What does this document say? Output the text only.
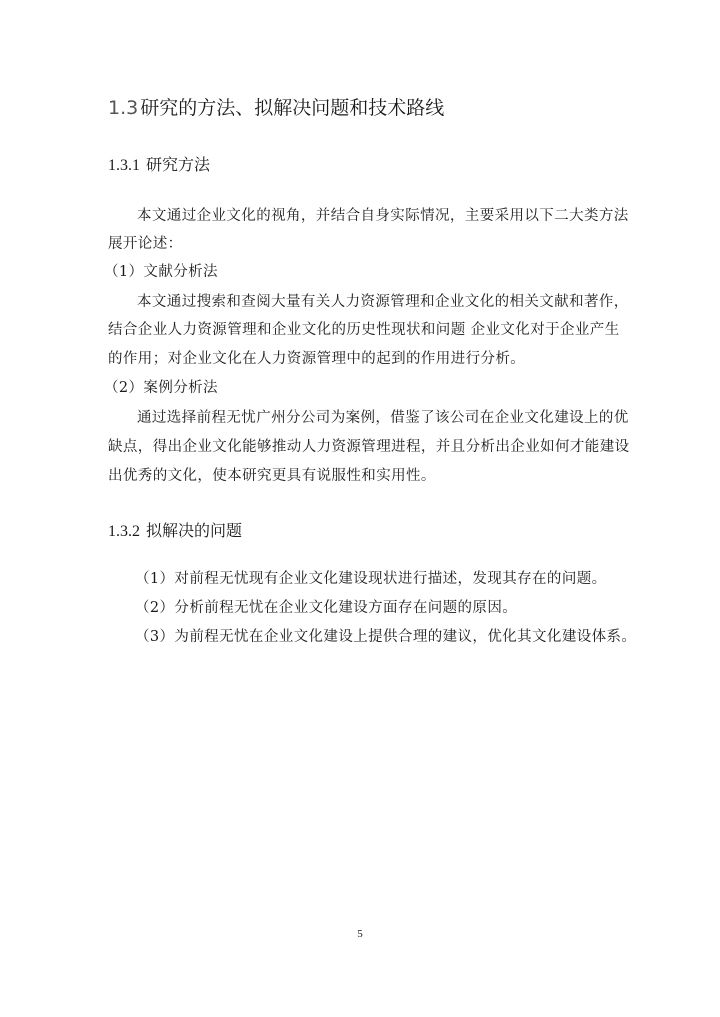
1.3 研究的方法、拟解决问题和技术路线
1.3.1 研究方法
本文通过企业文化的视角，并结合自身实际情况，主要采用以下二大类方法
展开论述：
（1）文献分析法
本文通过搜索和查阅大量有关人力资源管理和企业文化的相关文献和著作，
结合企业人力资源管理和企业文化的历史性现状和问题 企业文化对于企业产生
的作用；对企业文化在人力资源管理中的起到的作用进行分析。
（2）案例分析法
通过选择前程无忧广州分公司为案例，借鉴了该公司在企业文化建设上的优
缺点，得出企业文化能够推动人力资源管理进程，并且分析出企业如何才能建设
出优秀的文化，使本研究更具有说服性和实用性。
1.3.2 拟解决的问题
（1）对前程无忧现有企业文化建设现状进行描述，发现其存在的问题。
（2）分析前程无忧在企业文化建设方面存在问题的原因。
（3）为前程无忧在企业文化建设上提供合理的建议，优化其文化建设体系。
5
